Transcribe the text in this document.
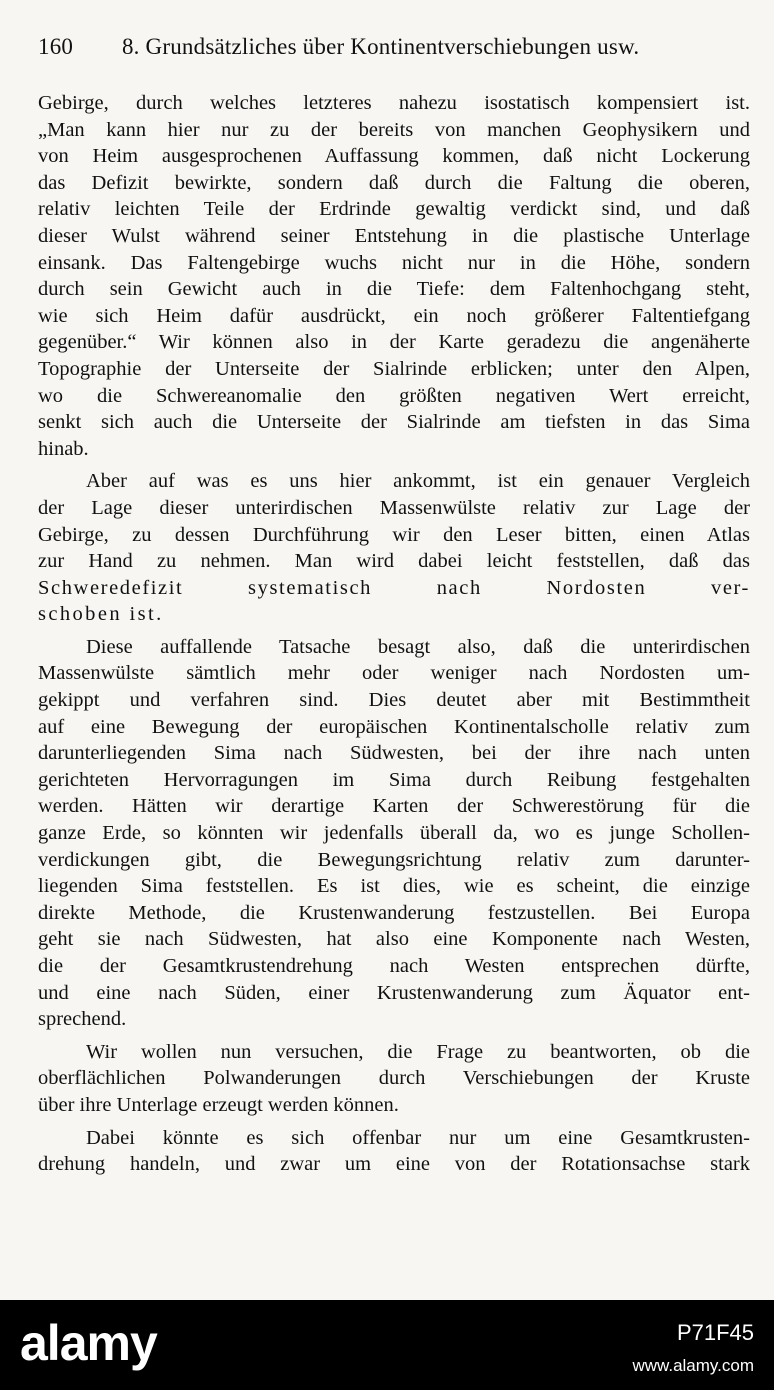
160 8. Grundsätzliches über Kontinentverschiebungen usw.
Gebirge, durch welches letzteres nahezu isostatisch kompensiert ist.
„Man kann hier nur zu der bereits von manchen Geophysikern und
von Heim ausgesprochenen Auffassung kommen, daß nicht Lockerung
das Defizit bewirkte, sondern daß durch die Faltung die oberen,
relativ leichten Teile der Erdrinde gewaltig verdickt sind, und daß
dieser Wulst während seiner Entstehung in die plastische Unterlage
einsank. Das Faltengebirge wuchs nicht nur in die Höhe, sondern
durch sein Gewicht auch in die Tiefe: dem Faltenhochgang steht,
wie sich Heim dafür ausdrückt, ein noch größerer Faltentiefgang
gegenüber.“ Wir können also in der Karte geradezu die angenäherte
Topographie der Unterseite der Sialrinde erblicken; unter den Alpen,
wo die Schwereanomalie den größten negativen Wert erreicht,
senkt sich auch die Unterseite der Sialrinde am tiefsten in das Sima
hinab.
Aber auf was es uns hier ankommt, ist ein genauer Vergleich
der Lage dieser unterirdischen Massenwülste relativ zur Lage der
Gebirge, zu dessen Durchführung wir den Leser bitten, einen Atlas
zur Hand zu nehmen. Man wird dabei leicht feststellen, daß das
Schweredefizit systematisch nach Nordosten ver-
schoben ist.
Diese auffallende Tatsache besagt also, daß die unterirdischen
Massenwülste sämtlich mehr oder weniger nach Nordosten um-
gekippt und verfahren sind. Dies deutet aber mit Bestimmtheit
auf eine Bewegung der europäischen Kontinentalscholle relativ zum
darunterliegenden Sima nach Südwesten, bei der ihre nach unten
gerichteten Hervorragungen im Sima durch Reibung festgehalten
werden. Hätten wir derartige Karten der Schwerestörung für die
ganze Erde, so könnten wir jedenfalls überall da, wo es junge Schollen-
verdickungen gibt, die Bewegungsrichtung relativ zum darunter-
liegenden Sima feststellen. Es ist dies, wie es scheint, die einzige
direkte Methode, die Krustenwanderung festzustellen. Bei Europa
geht sie nach Südwesten, hat also eine Komponente nach Westen,
die der Gesamtkrustendrehung nach Westen entsprechen dürfte,
und eine nach Süden, einer Krustenwanderung zum Äquator ent-
sprechend.
Wir wollen nun versuchen, die Frage zu beantworten, ob die
oberflächlichen Polwanderungen durch Verschiebungen der Kruste
über ihre Unterlage erzeugt werden können.
Dabei könnte es sich offenbar nur um eine Gesamtkrusten-
drehung handeln, und zwar um eine von der Rotationsachse stark
alamy	P71F45
www.alamy.com
